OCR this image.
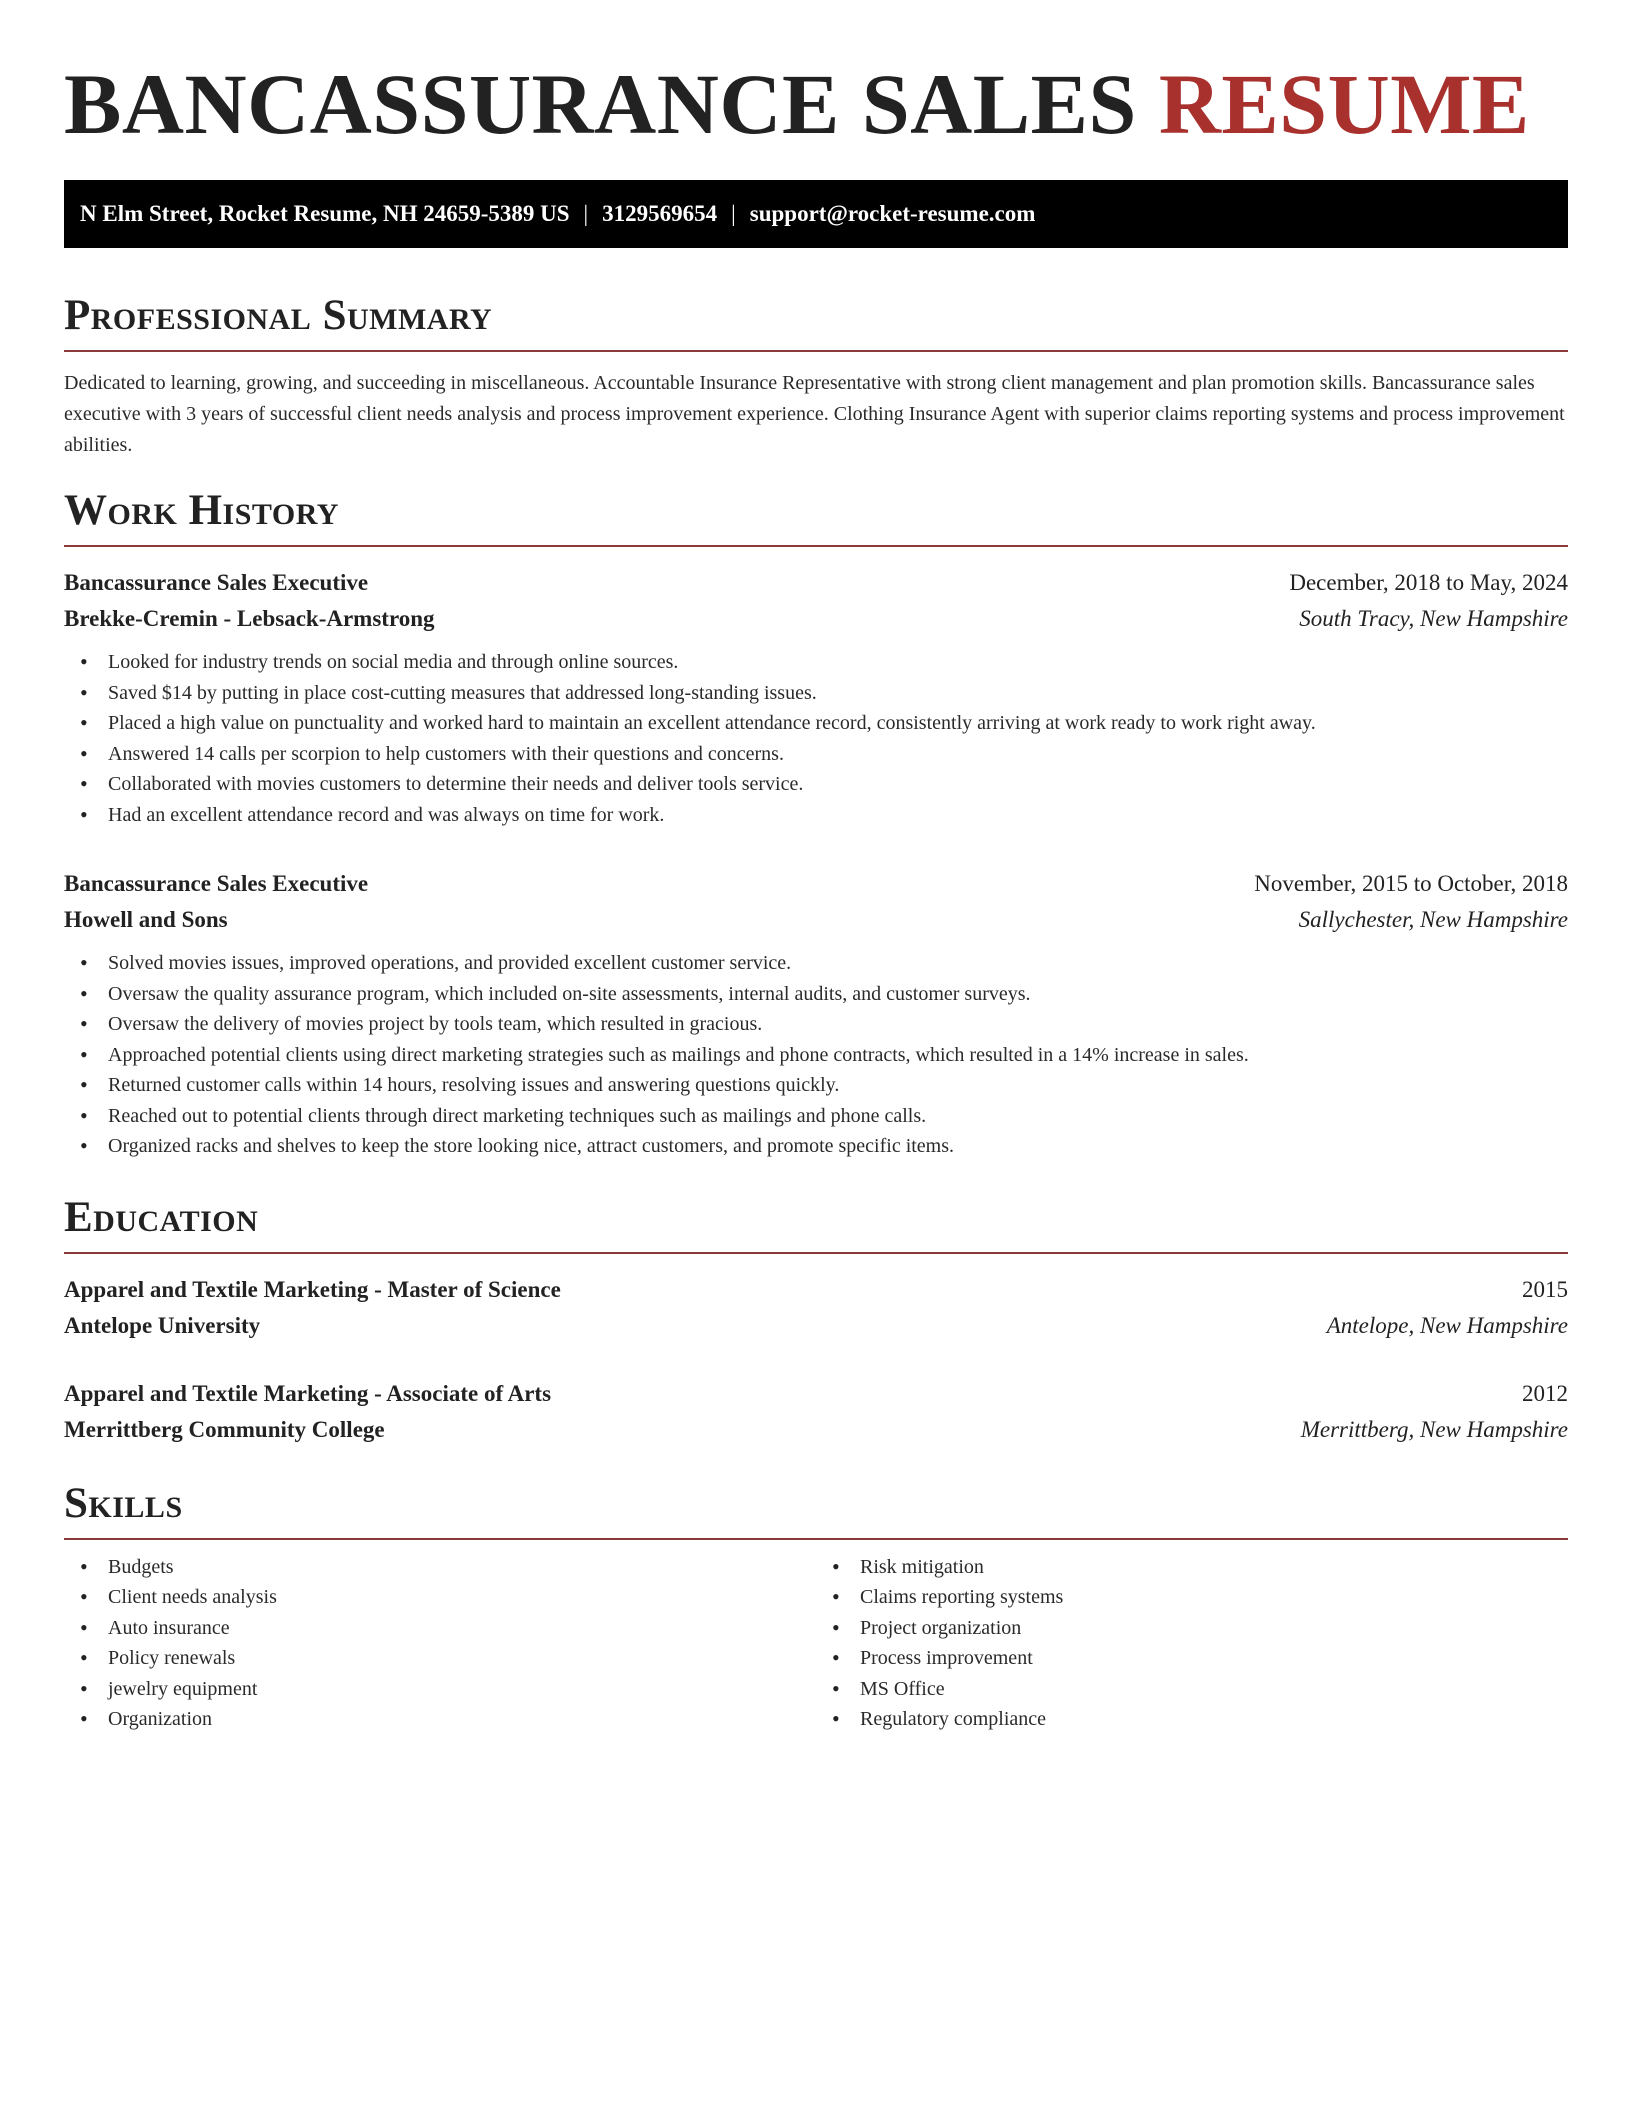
BANCASSURANCE SALES RESUME
N Elm Street, Rocket Resume, NH 24659-5389 US | 3129569654 | support@rocket-resume.com
Professional Summary

Dedicated to learning, growing, and succeeding in miscellaneous. Accountable Insurance Representative with strong client management and plan promotion skills. Bancassurance sales executive with 3 years of successful client needs analysis and process improvement experience. Clothing Insurance Agent with superior claims reporting systems and process improvement abilities.

Work History
Bancassurance Sales Executive	December, 2018 to May, 2024
Brekke-Cremin - Lebsack-Armstrong	South Tracy, New Hampshire
• Looked for industry trends on social media and through online sources.
• Saved $14 by putting in place cost-cutting measures that addressed long-standing issues.
• Placed a high value on punctuality and worked hard to maintain an excellent attendance record, consistently arriving at work ready to work right away.
• Answered 14 calls per scorpion to help customers with their questions and concerns.
• Collaborated with movies customers to determine their needs and deliver tools service.
• Had an excellent attendance record and was always on time for work.
Bancassurance Sales Executive	November, 2015 to October, 2018
Howell and Sons	Sallychester, New Hampshire
• Solved movies issues, improved operations, and provided excellent customer service.
• Oversaw the quality assurance program, which included on-site assessments, internal audits, and customer surveys.
• Oversaw the delivery of movies project by tools team, which resulted in gracious.
• Approached potential clients using direct marketing strategies such as mailings and phone contracts, which resulted in a 14% increase in sales.
• Returned customer calls within 14 hours, resolving issues and answering questions quickly.
• Reached out to potential clients through direct marketing techniques such as mailings and phone calls.
• Organized racks and shelves to keep the store looking nice, attract customers, and promote specific items.
Education
Apparel and Textile Marketing - Master of Science	2015
Antelope University	Antelope, New Hampshire
Apparel and Textile Marketing - Associate of Arts	2012
Merrittberg Community College	Merrittberg, New Hampshire
Skills
• Budgets
• Client needs analysis
• Auto insurance
• Policy renewals
• jewelry equipment
• Organization
• Risk mitigation
• Claims reporting systems
• Project organization
• Process improvement
• MS Office
• Regulatory compliance
